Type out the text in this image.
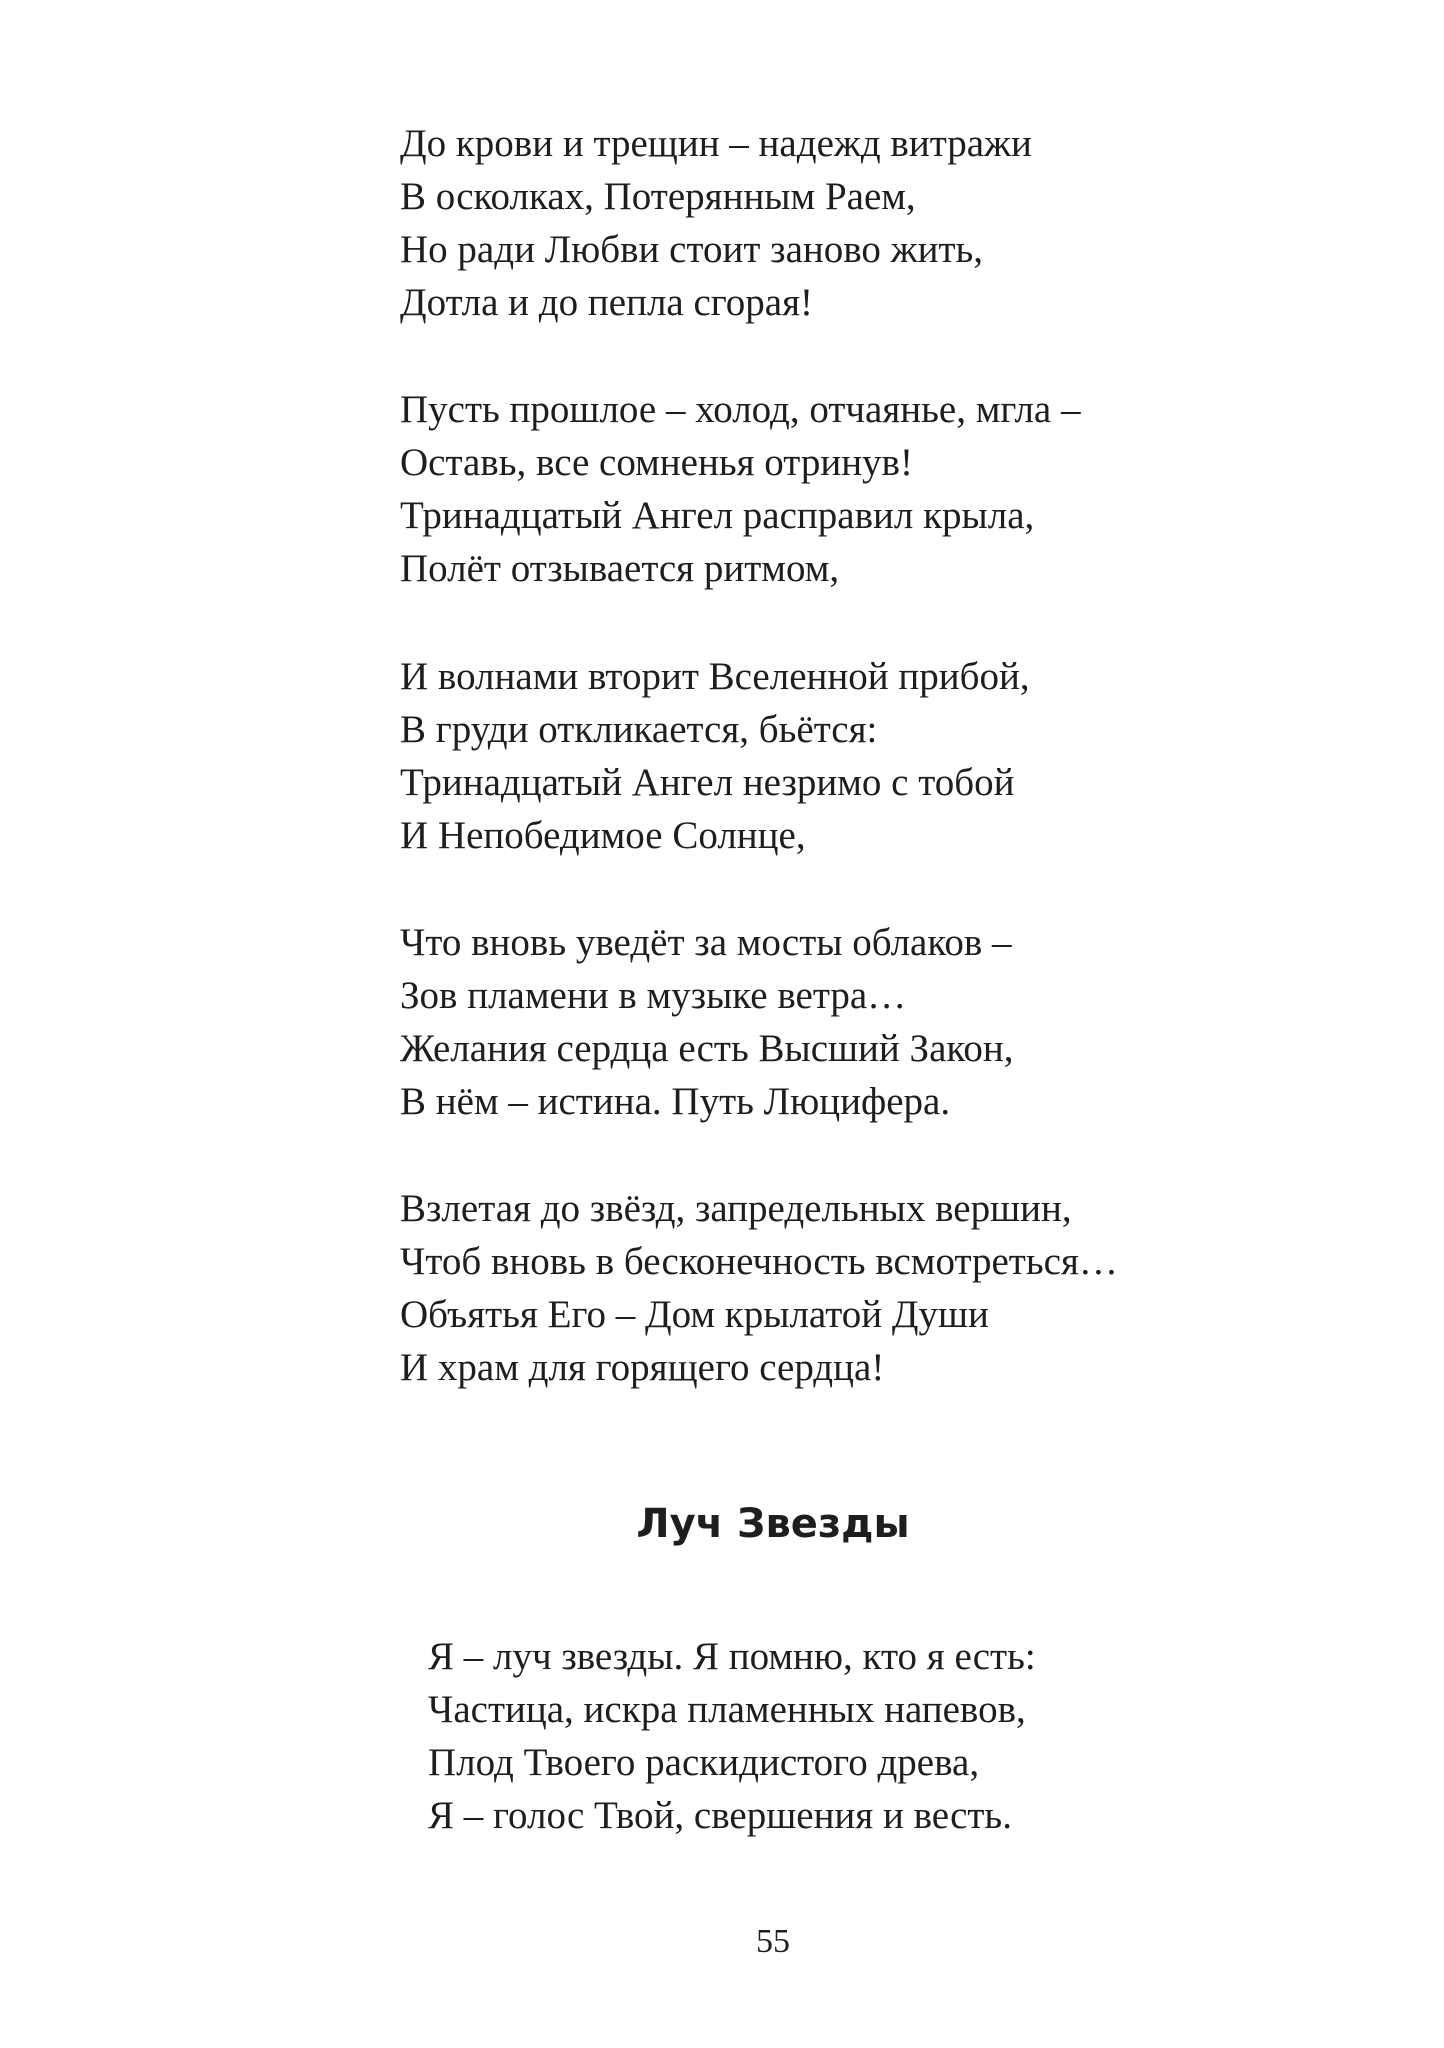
До крови и трещин – надежд витражи
В осколках, Потерянным Раем,
Но ради Любви стоит заново жить,
Дотла и до пепла сгорая!
Пусть прошлое – холод, отчаянье, мгла –
Оставь, все сомненья отринув!
Тринадцатый Ангел расправил крыла,
Полёт отзывается ритмом,
И волнами вторит Вселенной прибой,
В груди откликается, бьётся:
Тринадцатый Ангел незримо с тобой
И Непобедимое Солнце,
Что вновь уведёт за мосты облаков –
Зов пламени в музыке ветра…
Желания сердца есть Высший Закон,
В нём – истина. Путь Люцифера.
Взлетая до звёзд, запредельных вершин,
Чтоб вновь в бесконечность всмотреться…
Объятья Его – Дом крылатой Души
И храм для горящего сердца!
Луч Звезды
Я – луч звезды. Я помню, кто я есть:
Частица, искра пламенных напевов,
Плод Твоего раскидистого древа,
Я – голос Твой, свершения и весть.

55
